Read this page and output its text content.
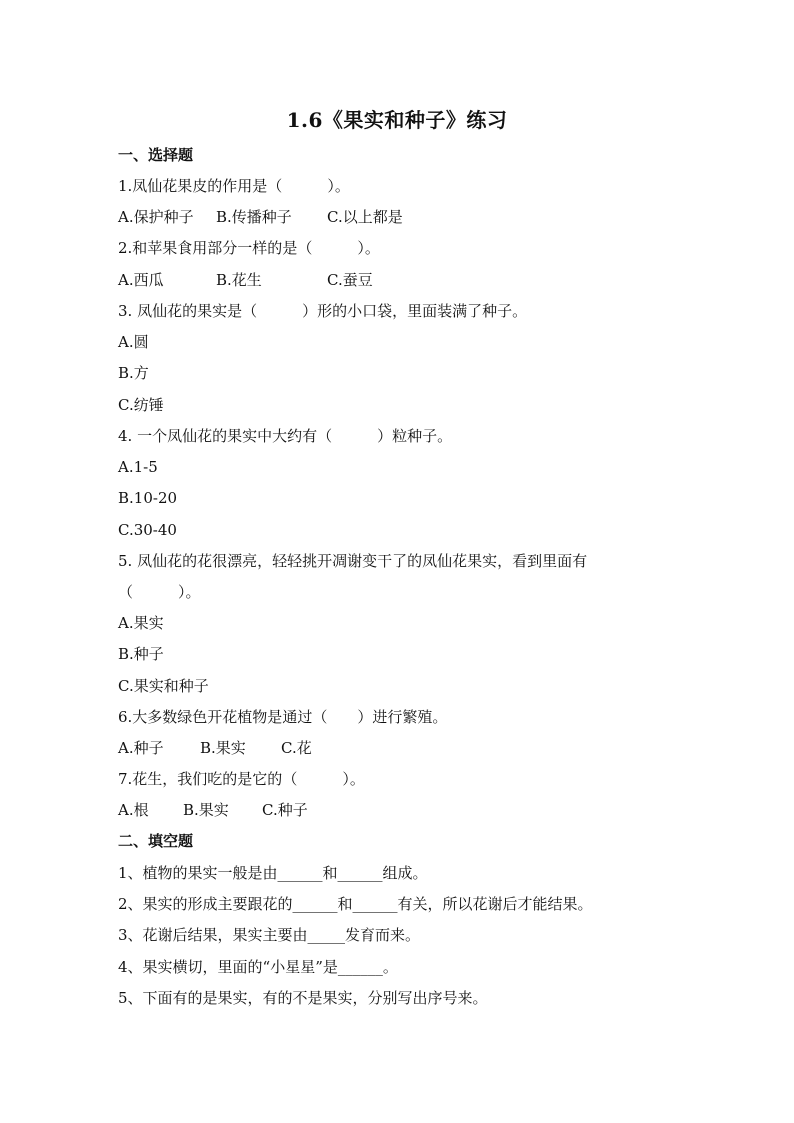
1.6《果实和种子》练习
一、选择题
1.凤仙花果皮的作用是（　　　）。
A.保护种子 B.传播种子 C.以上都是
2.和苹果食用部分一样的是（　　　）。
A.西瓜	B.花生	C.蚕豆
3. 凤仙花的果实是（　　　）形的小口袋，里面装满了种子。
A.圆
B.方
C.纺锤
4. 一个凤仙花的果实中大约有（　　　）粒种子。
A.1-5
B.10-20
C.30-40
5. 凤仙花的花很漂亮，轻轻挑开凋谢变干了的凤仙花果实，看到里面有
（　　　）。
A.果实
B.种子
C.果实和种子
6.大多数绿色开花植物是通过（　　）进行繁殖。
A.种子 B.果实 C.花
7.花生，我们吃的是它的（　　　）。
A.根 B.果实 C.种子
二、填空题
1、植物的果实一般是由______和______组成。
2、果实的形成主要跟花的______和______有关，所以花谢后才能结果。
3、花谢后结果，果实主要由_____发育而来。
4、果实横切，里面的“小星星”是______。
5、下面有的是果实，有的不是果实，分别写出序号来。
